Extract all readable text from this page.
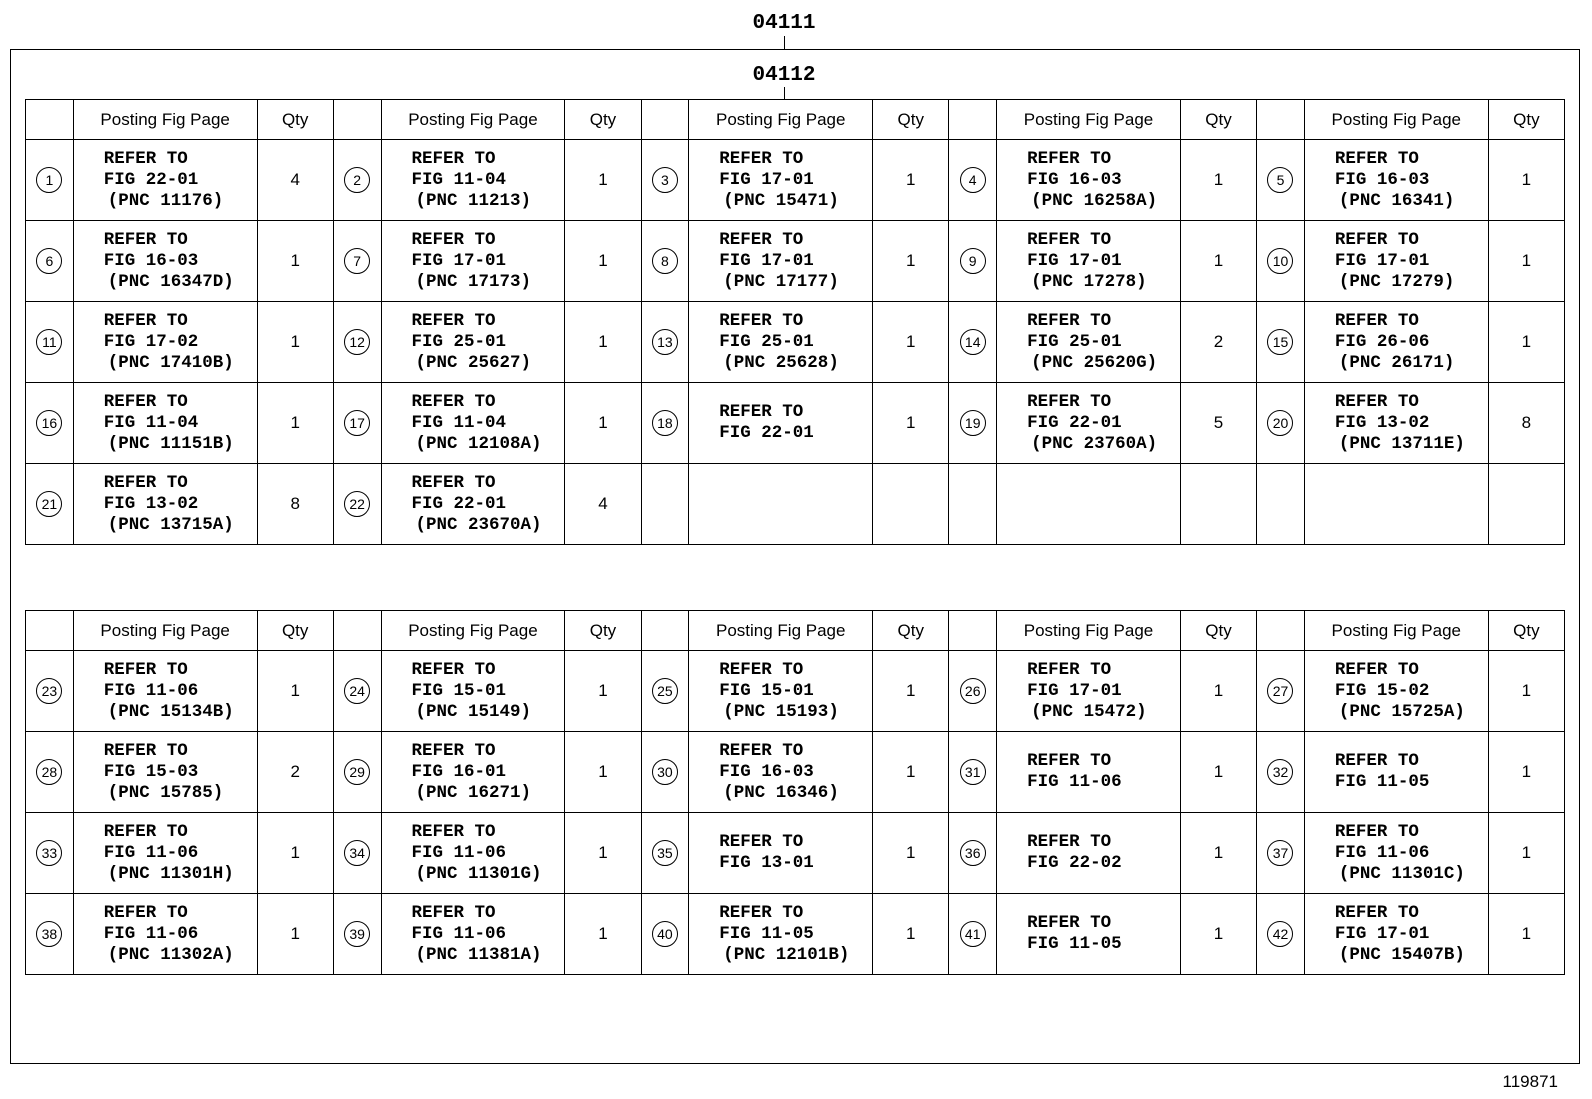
04111
04112
	Posting Fig Page	Qty		Posting Fig Page	Qty		Posting Fig Page	Qty		Posting Fig Page	Qty		Posting Fig Page	Qty
1	REFER TO
FIG 22-01
(PNC 11176)	4	2	REFER TO
FIG 11-04
(PNC 11213)	1	3	REFER TO
FIG 17-01
(PNC 15471)	1	4	REFER TO
FIG 16-03
(PNC 16258A)	1	5	REFER TO
FIG 16-03
(PNC 16341)	1
6	REFER TO
FIG 16-03
(PNC 16347D)	1	7	REFER TO
FIG 17-01
(PNC 17173)	1	8	REFER TO
FIG 17-01
(PNC 17177)	1	9	REFER TO
FIG 17-01
(PNC 17278)	1	10	REFER TO
FIG 17-01
(PNC 17279)	1
11	REFER TO
FIG 17-02
(PNC 17410B)	1	12	REFER TO
FIG 25-01
(PNC 25627)	1	13	REFER TO
FIG 25-01
(PNC 25628)	1	14	REFER TO
FIG 25-01
(PNC 25620G)	2	15	REFER TO
FIG 26-06
(PNC 26171)	1
16	REFER TO
FIG 11-04
(PNC 11151B)	1	17	REFER TO
FIG 11-04
(PNC 12108A)	1	18	REFER TO
FIG 22-01	1	19	REFER TO
FIG 22-01
(PNC 23760A)	5	20	REFER TO
FIG 13-02
(PNC 13711E)	8
21	REFER TO
FIG 13-02
(PNC 13715A)	8	22	REFER TO
FIG 22-01
(PNC 23670A)	4									
	Posting Fig Page	Qty		Posting Fig Page	Qty		Posting Fig Page	Qty		Posting Fig Page	Qty		Posting Fig Page	Qty
23	REFER TO
FIG 11-06
(PNC 15134B)	1	24	REFER TO
FIG 15-01
(PNC 15149)	1	25	REFER TO
FIG 15-01
(PNC 15193)	1	26	REFER TO
FIG 17-01
(PNC 15472)	1	27	REFER TO
FIG 15-02
(PNC 15725A)	1
28	REFER TO
FIG 15-03
(PNC 15785)	2	29	REFER TO
FIG 16-01
(PNC 16271)	1	30	REFER TO
FIG 16-03
(PNC 16346)	1	31	REFER TO
FIG 11-06	1	32	REFER TO
FIG 11-05	1
33	REFER TO
FIG 11-06
(PNC 11301H)	1	34	REFER TO
FIG 11-06
(PNC 11301G)	1	35	REFER TO
FIG 13-01	1	36	REFER TO
FIG 22-02	1	37	REFER TO
FIG 11-06
(PNC 11301C)	1
38	REFER TO
FIG 11-06
(PNC 11302A)	1	39	REFER TO
FIG 11-06
(PNC 11381A)	1	40	REFER TO
FIG 11-05
(PNC 12101B)	1	41	REFER TO
FIG 11-05	1	42	REFER TO
FIG 17-01
(PNC 15407B)	1
119871
